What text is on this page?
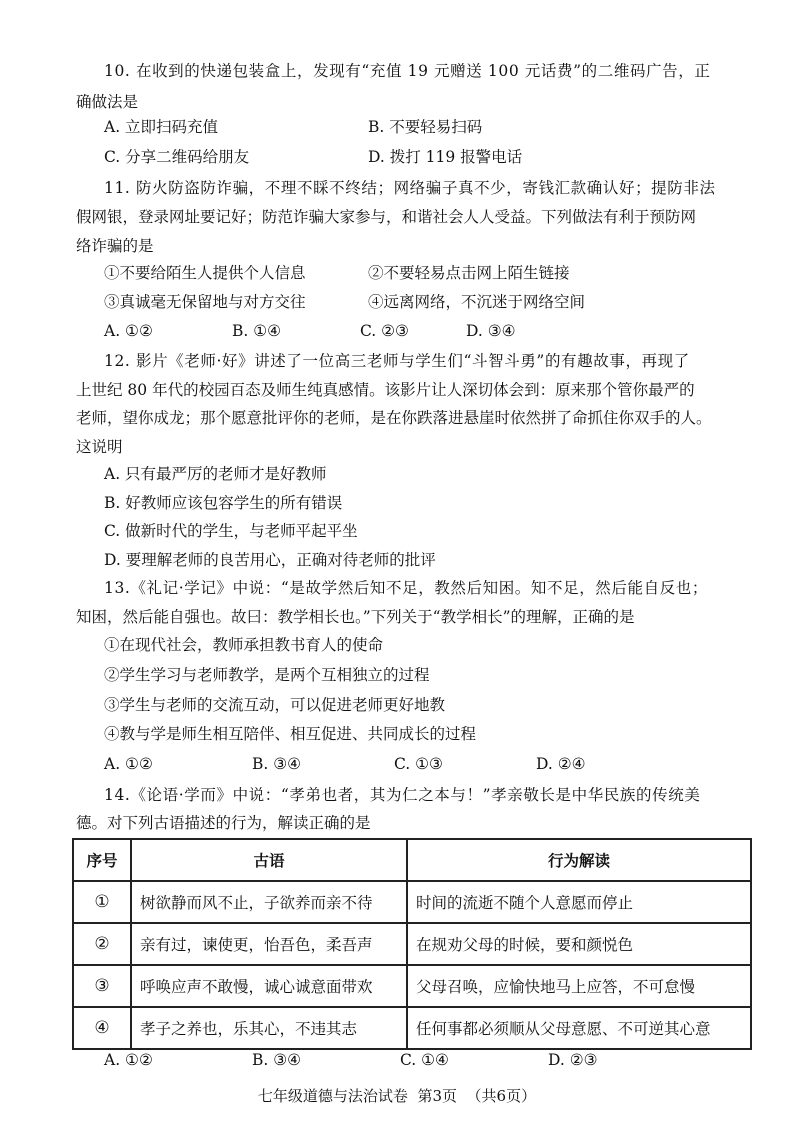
10. 在收到的快递包装盒上，发现有“充值 19 元赠送 100 元话费”的二维码广告，正
确做法是
A. 立即扫码充值	B. 不要轻易扫码
C. 分享二维码给朋友	D. 拨打 119 报警电话
11. 防火防盗防诈骗，不理不睬不终结；网络骗子真不少，寄钱汇款确认好；提防非法
假网银，登录网址要记好；防范诈骗大家参与，和谐社会人人受益。下列做法有利于预防网
络诈骗的是
①不要给陌生人提供个人信息	②不要轻易点击网上陌生链接
③真诚毫无保留地与对方交往	④远离网络，不沉迷于网络空间
A. ①②	B. ①④	C. ②③	D. ③④
12. 影片《老师·好》讲述了一位高三老师与学生们“斗智斗勇”的有趣故事，再现了
上世纪 80 年代的校园百态及师生纯真感情。该影片让人深切体会到：原来那个管你最严的
老师，望你成龙；那个愿意批评你的老师，是在你跌落进悬崖时依然拼了命抓住你双手的人。
这说明
A. 只有最严厉的老师才是好教师
B. 好教师应该包容学生的所有错误
C. 做新时代的学生，与老师平起平坐
D. 要理解老师的良苦用心，正确对待老师的批评
13.《礼记·学记》中说：“是故学然后知不足，教然后知困。知不足，然后能自反也；
知困，然后能自强也。故曰：教学相长也。”下列关于“教学相长”的理解，正确的是
①在现代社会，教师承担教书育人的使命
②学生学习与老师教学，是两个互相独立的过程
③学生与老师的交流互动，可以促进老师更好地教
④教与学是师生相互陪伴、相互促进、共同成长的过程
A. ①②	B. ③④	C. ①③	D. ②④
14.《论语·学而》中说：“孝弟也者，其为仁之本与！”孝亲敬长是中华民族的传统美
德。对下列古语描述的行为，解读正确的是
序号	古语	行为解读
①	树欲静而风不止，子欲养而亲不待	时间的流逝不随个人意愿而停止
②	亲有过，谏使更，怡吾色，柔吾声	在规劝父母的时候，要和颜悦色
③	呼唤应声不敢慢，诚心诚意面带欢	父母召唤，应愉快地马上应答，不可怠慢
④	孝子之养也，乐其心，不违其志	任何事都必须顺从父母意愿、不可逆其心意
A. ①②	B. ③④	C. ①④	D. ②③
七年级道德与法治试卷  第3页  （共6页）
